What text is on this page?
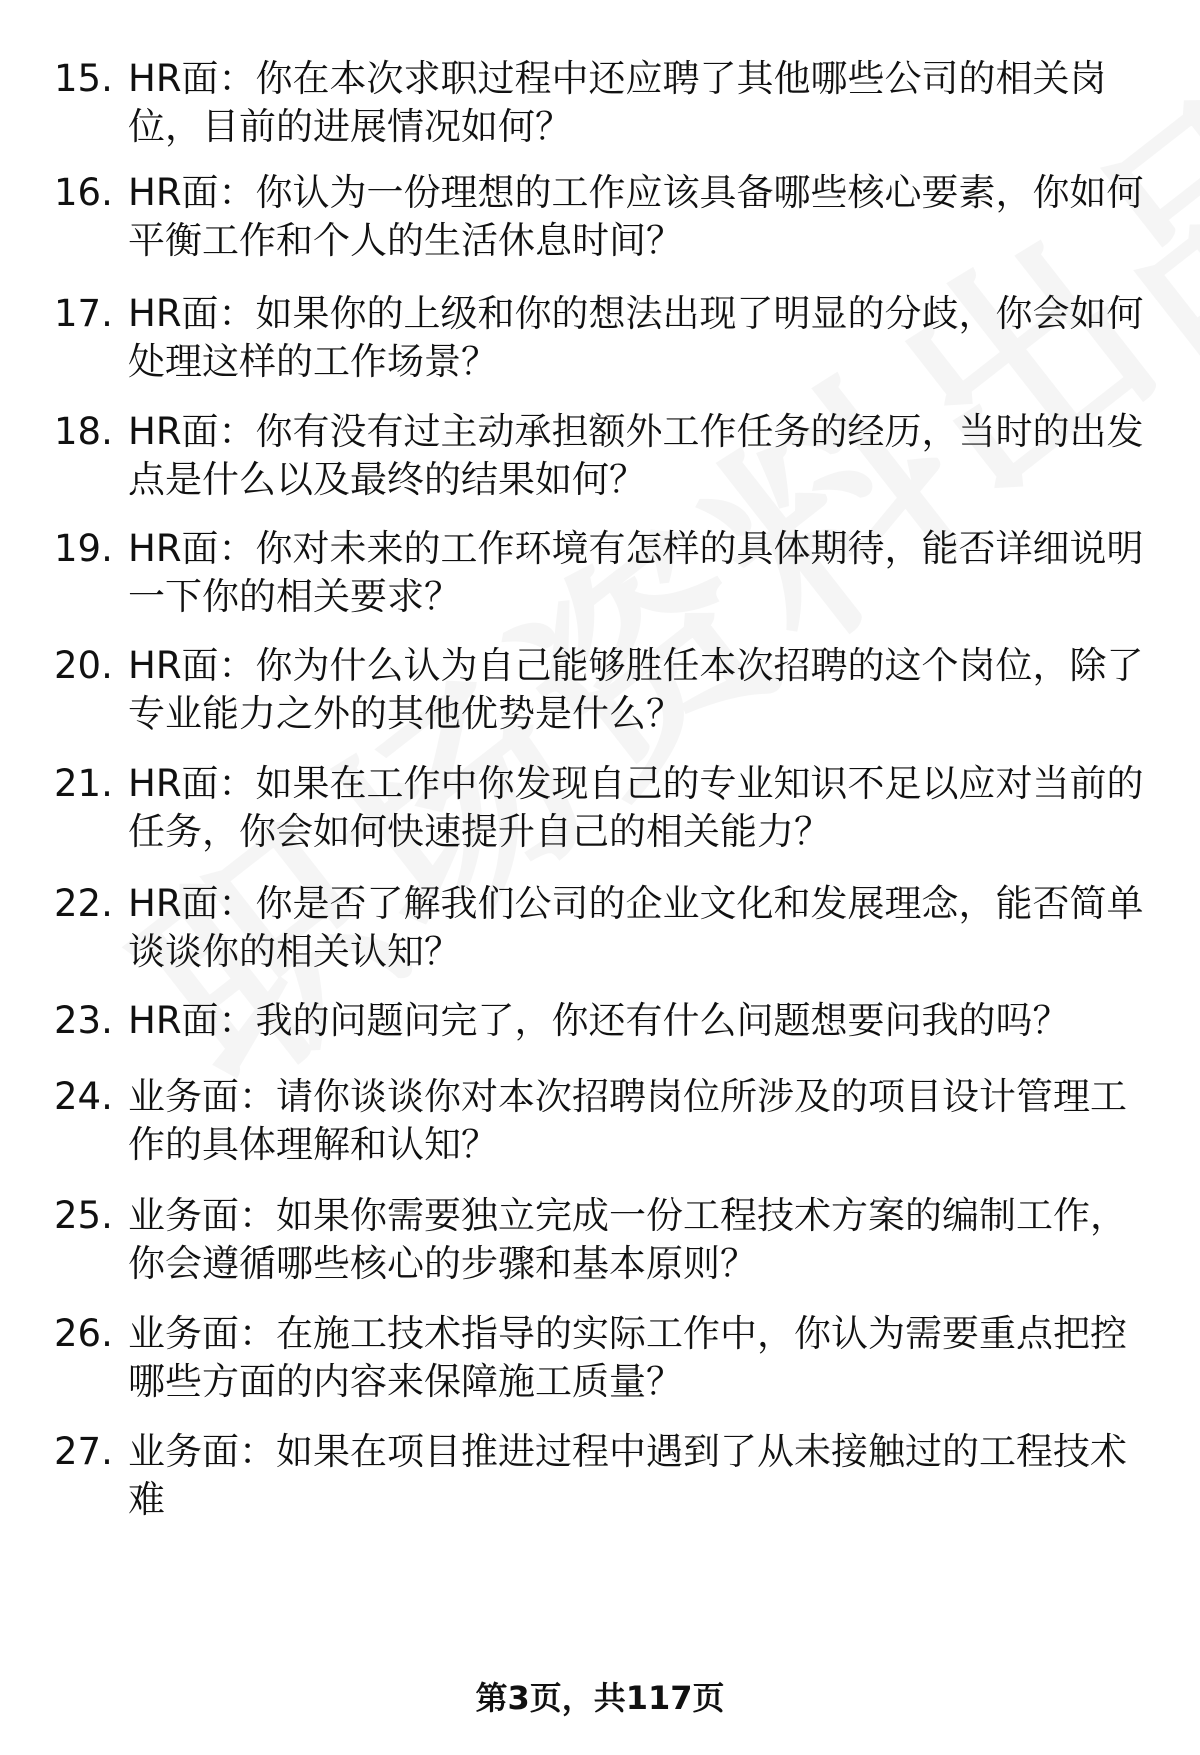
15. HR面：你在本次求职过程中还应聘了其他哪些公司的相关岗位，目前的进展情况如何？
16. HR面：你认为一份理想的工作应该具备哪些核心要素，你如何平衡工作和个人的生活休息时间？
17. HR面：如果你的上级和你的想法出现了明显的分歧，你会如何处理这样的工作场景？
18. HR面：你有没有过主动承担额外工作任务的经历，当时的出发点是什么以及最终的结果如何？
19. HR面：你对未来的工作环境有怎样的具体期待，能否详细说明一下你的相关要求？
20. HR面：你为什么认为自己能够胜任本次招聘的这个岗位，除了专业能力之外的其他优势是什么？
21. HR面：如果在工作中你发现自己的专业知识不足以应对当前的任务，你会如何快速提升自己的相关能力？
22. HR面：你是否了解我们公司的企业文化和发展理念，能否简单谈谈你的相关认知？
23. HR面：我的问题问完了，你还有什么问题想要问我的吗？
24. 业务面：请你谈谈你对本次招聘岗位所涉及的项目设计管理工作的具体理解和认知？
25. 业务面：如果你需要独立完成一份工程技术方案的编制工作，你会遵循哪些核心的步骤和基本原则？
26. 业务面：在施工技术指导的实际工作中，你认为需要重点把控哪些方面的内容来保障施工质量？
27. 业务面：如果在项目推进过程中遇到了从未接触过的工程技术难
第3页，共117页
